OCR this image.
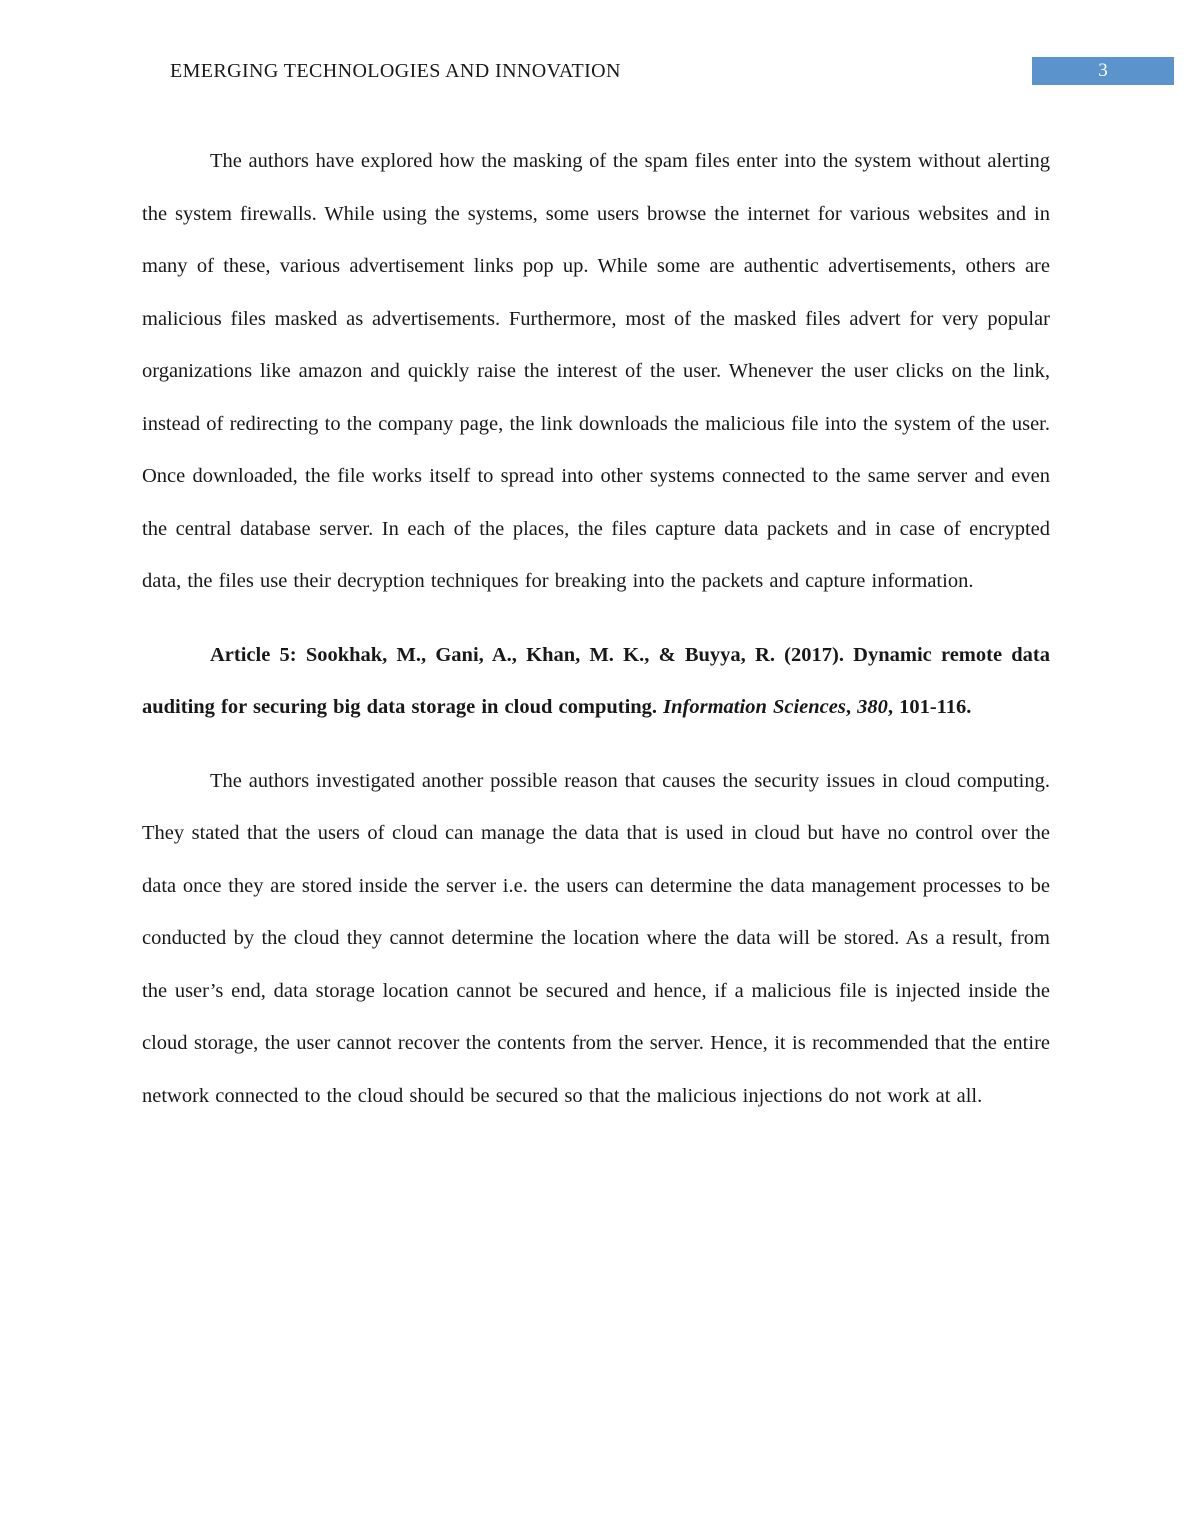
EMERGING TECHNOLOGIES AND INNOVATION	3

The authors have explored how the masking of the spam files enter into the system without alerting the system firewalls. While using the systems, some users browse the internet for various websites and in many of these, various advertisement links pop up. While some are authentic advertisements, others are malicious files masked as advertisements. Furthermore, most of the masked files advert for very popular organizations like amazon and quickly raise the interest of the user. Whenever the user clicks on the link, instead of redirecting to the company page, the link downloads the malicious file into the system of the user. Once downloaded, the file works itself to spread into other systems connected to the same server and even the central database server. In each of the places, the files capture data packets and in case of encrypted data, the files use their decryption techniques for breaking into the packets and capture information.

Article 5: Sookhak, M., Gani, A., Khan, M. K., & Buyya, R. (2017). Dynamic remote data auditing for securing big data storage in cloud computing. Information Sciences, 380, 101-116.

The authors investigated another possible reason that causes the security issues in cloud computing. They stated that the users of cloud can manage the data that is used in cloud but have no control over the data once they are stored inside the server i.e. the users can determine the data management processes to be conducted by the cloud they cannot determine the location where the data will be stored. As a result, from the user’s end, data storage location cannot be secured and hence, if a malicious file is injected inside the cloud storage, the user cannot recover the contents from the server. Hence, it is recommended that the entire network connected to the cloud should be secured so that the malicious injections do not work at all.
